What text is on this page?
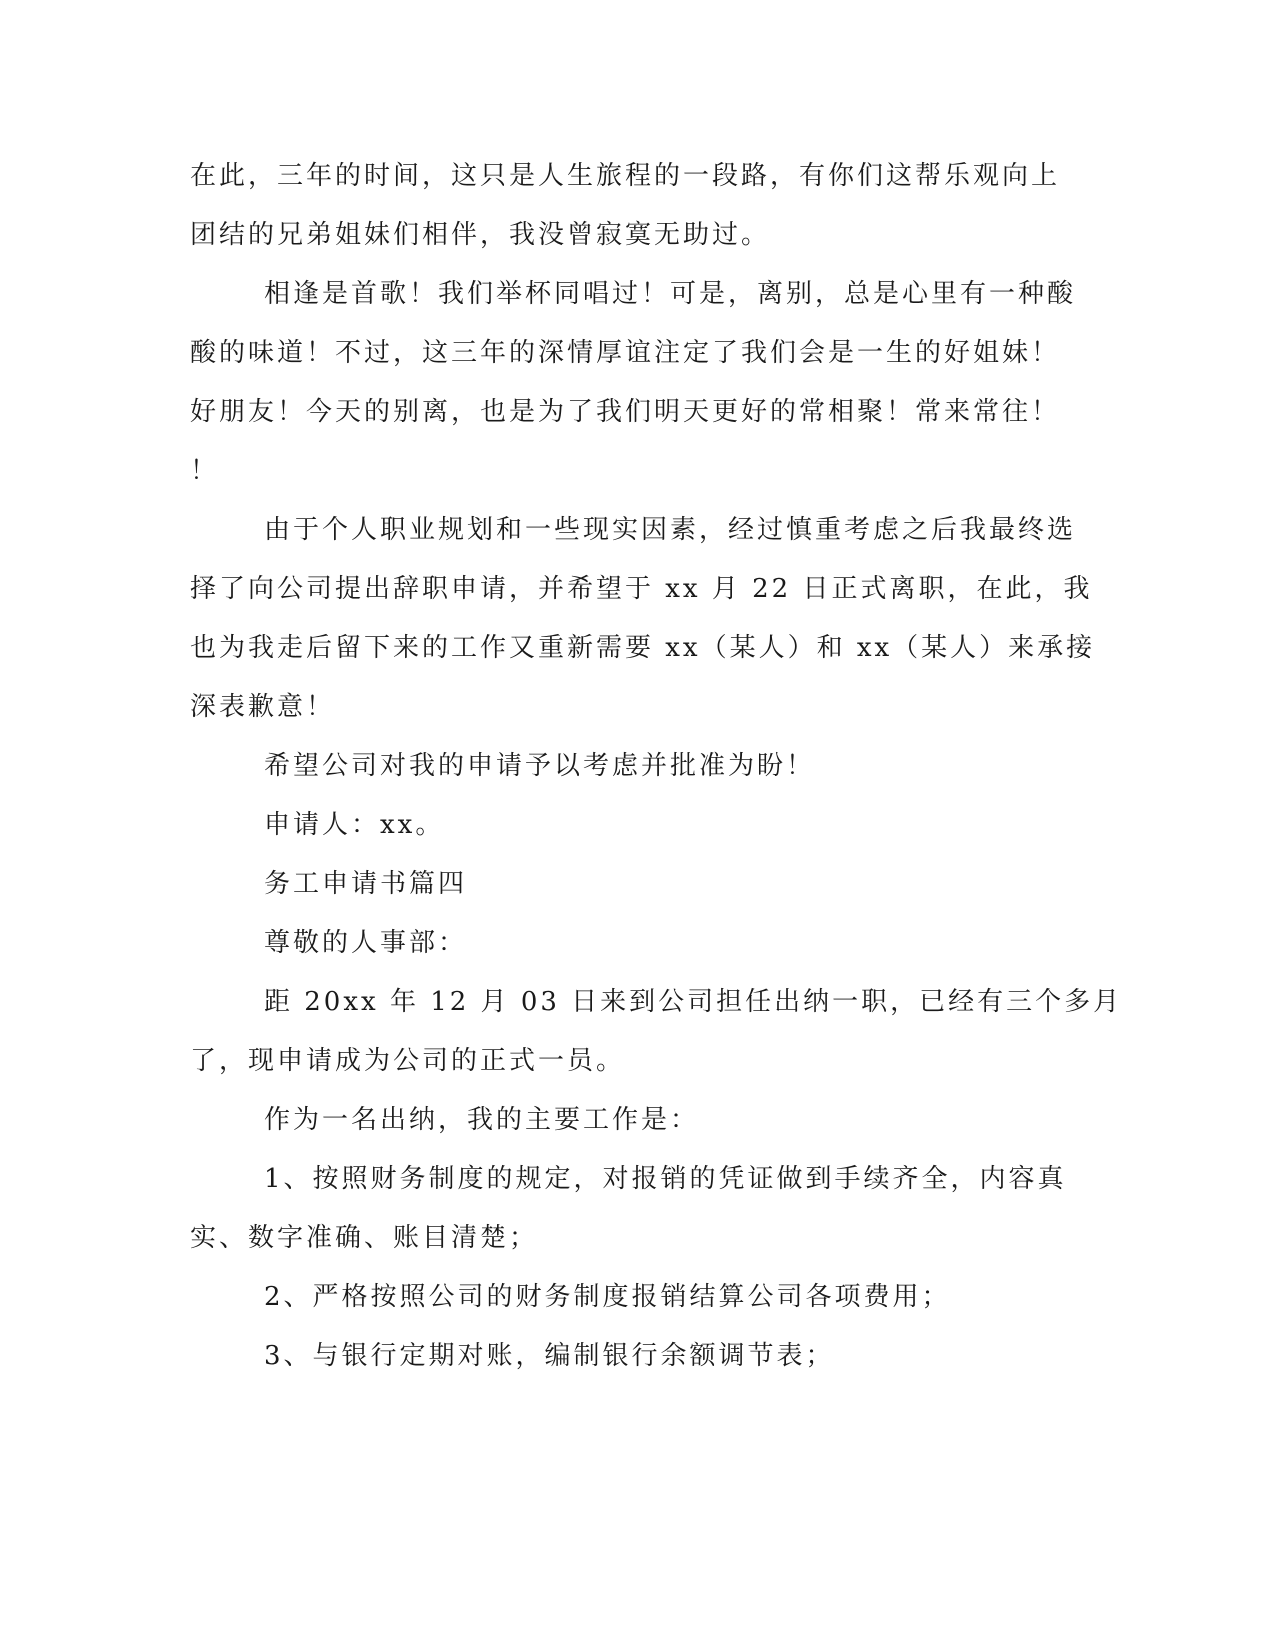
在此，三年的时间，这只是人生旅程的一段路，有你们这帮乐观向上
团结的兄弟姐妹们相伴，我没曾寂寞无助过。
相逢是首歌！我们举杯同唱过！可是，离别，总是心里有一种酸
酸的味道！不过，这三年的深情厚谊注定了我们会是一生的好姐妹！
好朋友！今天的别离，也是为了我们明天更好的常相聚！常来常往！
！
由于个人职业规划和一些现实因素，经过慎重考虑之后我最终选
择了向公司提出辞职申请，并希望于 xx 月 22 日正式离职，在此，我
也为我走后留下来的工作又重新需要 xx（某人）和 xx（某人）来承接
深表歉意！
希望公司对我的申请予以考虑并批准为盼！
申请人：xx。
务工申请书篇四
尊敬的人事部：
距 20xx 年 12 月 03 日来到公司担任出纳一职，已经有三个多月
了，现申请成为公司的正式一员。
作为一名出纳，我的主要工作是：
1、按照财务制度的规定，对报销的凭证做到手续齐全，内容真
实、数字准确、账目清楚；
2、严格按照公司的财务制度报销结算公司各项费用；
3、与银行定期对账，编制银行余额调节表；
